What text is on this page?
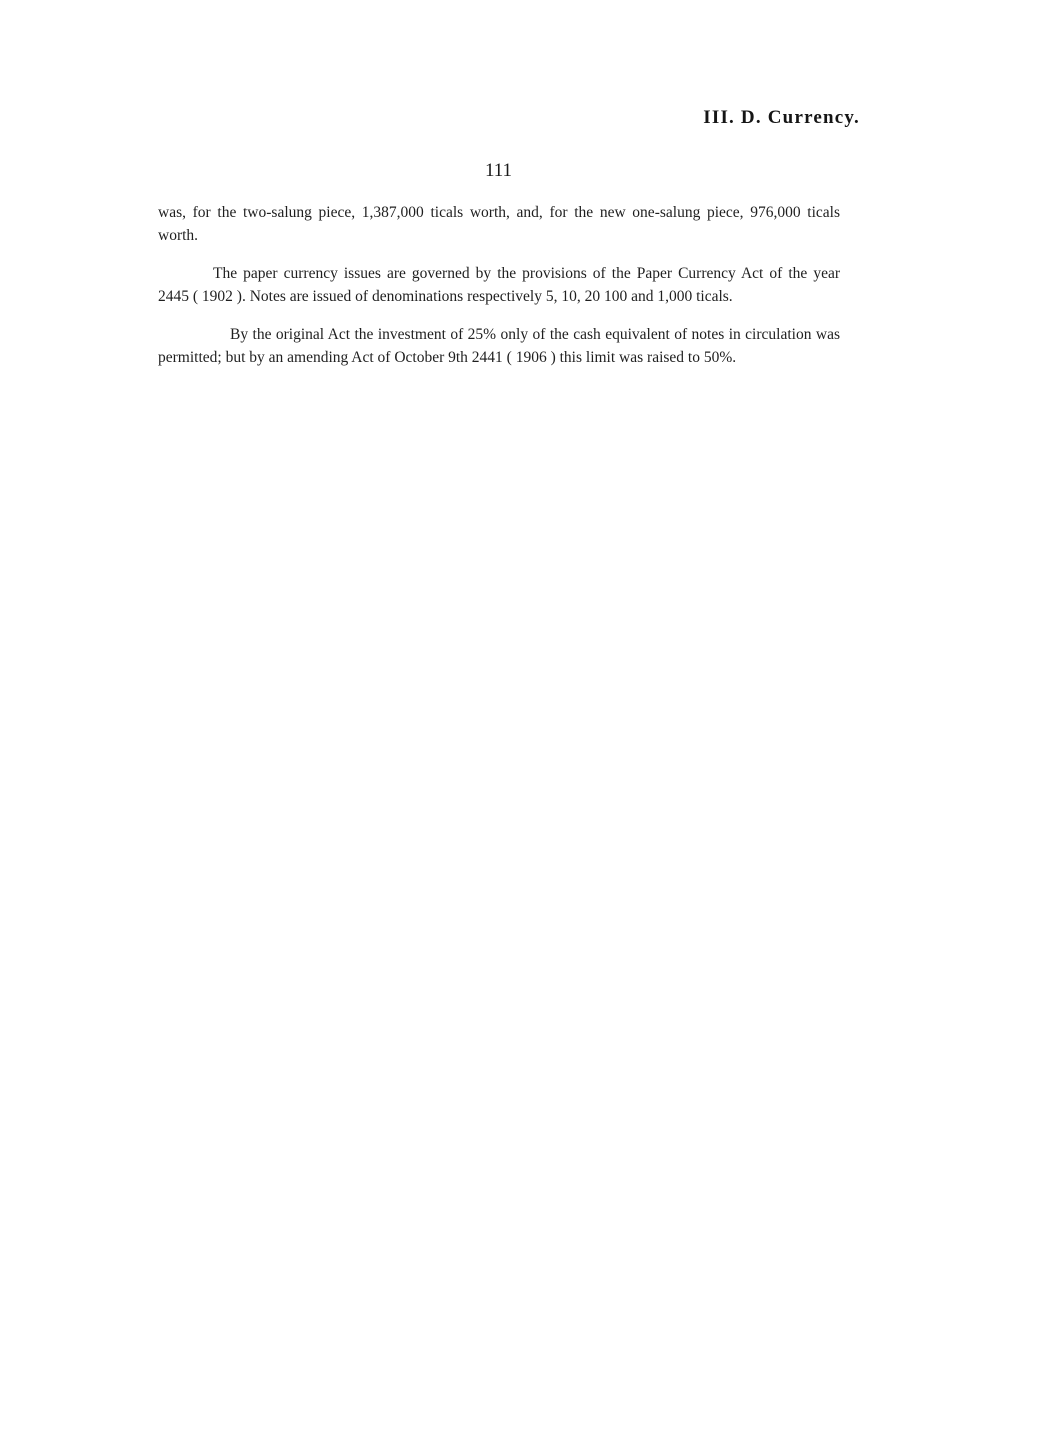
III. D. Currency.
111

was, for the two-salung piece, 1,387,000 ticals worth, and, for the new one-salung piece, 976,000 ticals worth.

The paper currency issues are governed by the provisions of the Paper Currency Act of the year 2445 ( 1902 ). Notes are issued of denominations respectively 5, 10, 20 100 and 1,000 ticals.

By the original Act the investment of 25% only of the cash equivalent of notes in circulation was permitted; but by an amending Act of October 9th 2441 ( 1906 ) this limit was raised to 50%.
